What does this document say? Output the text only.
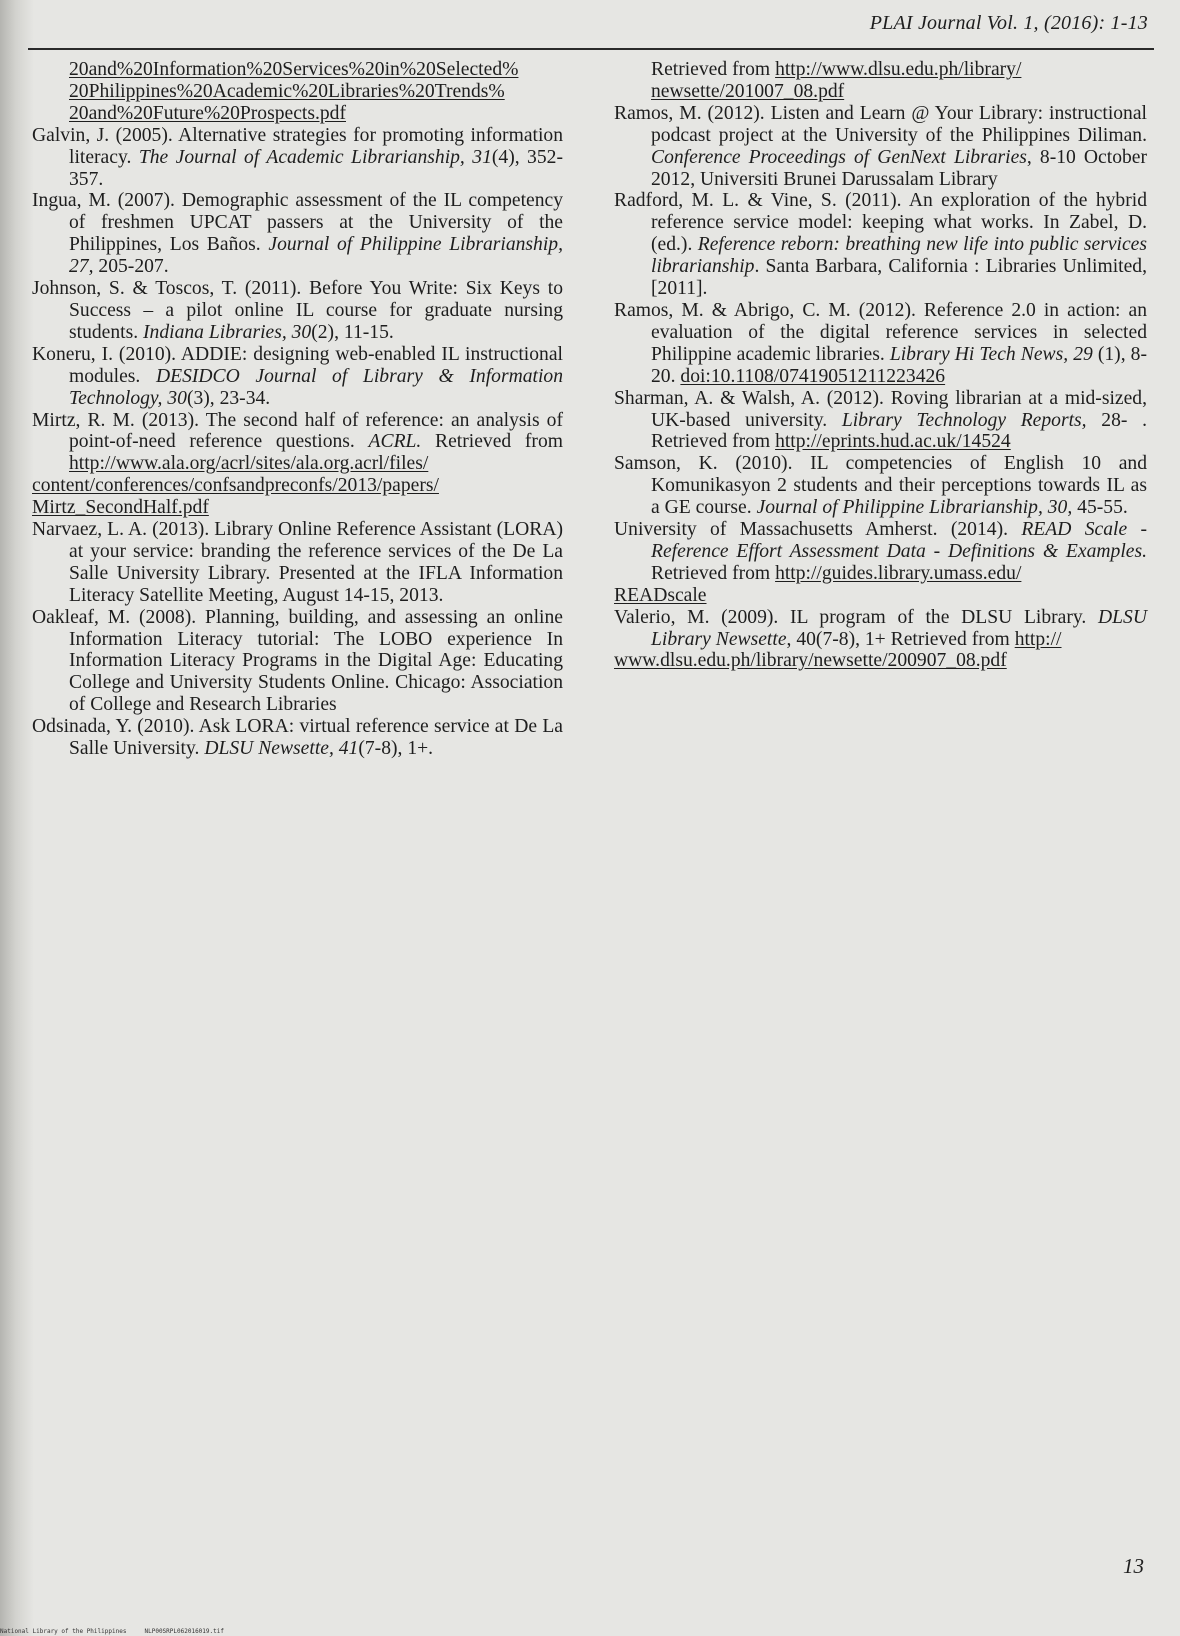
PLAI Journal Vol. 1, (2016): 1-13

20and%20Information%20Services%20in%20Selected%
20Philippines%20Academic%20Libraries%20Trends%
20and%20Future%20Prospects.pdf

Galvin, J. (2005). Alternative strategies for promoting information literacy. The Journal of Academic Librarianship, 31(4), 352-357.

Ingua, M. (2007). Demographic assessment of the IL competency of freshmen UPCAT passers at the University of the Philippines, Los Baños. Journal of Philippine Librarianship, 27, 205-207.

Johnson, S. & Toscos, T. (2011). Before You Write: Six Keys to Success – a pilot online IL course for graduate nursing students. Indiana Libraries, 30(2), 11-15.

Koneru, I. (2010). ADDIE: designing web-enabled IL instructional modules. DESIDCO Journal of Library & Information Technology, 30(3), 23-34.

Mirtz, R. M. (2013). The second half of reference: an analysis of point-of-need reference questions. ACRL. Retrieved from http://www.ala.org/acrl/sites/ala.org.acrl/files/
content/conferences/confsandpreconfs/2013/papers/
Mirtz_SecondHalf.pdf

Narvaez, L. A. (2013). Library Online Reference Assistant (LORA) at your service: branding the reference services of the De La Salle University Library. Presented at the IFLA Information Literacy Satellite Meeting, August 14-15, 2013.

Oakleaf, M. (2008). Planning, building, and assessing an online Information Literacy tutorial: The LOBO experience In Information Literacy Programs in the Digital Age: Educating College and University Students Online. Chicago: Association of College and Research Libraries

Odsinada, Y. (2010). Ask LORA: virtual reference service at De La Salle University. DLSU Newsette, 41(7-8), 1+.

Retrieved from http://www.dlsu.edu.ph/library/
newsette/201007_08.pdf

Ramos, M. (2012). Listen and Learn @ Your Library: instructional podcast project at the University of the Philippines Diliman. Conference Proceedings of GenNext Libraries, 8-10 October 2012, Universiti Brunei Darussalam Library

Radford, M. L. & Vine, S. (2011). An exploration of the hybrid reference service model: keeping what works. In Zabel, D. (ed.). Reference reborn: breathing new life into public services librarianship. Santa Barbara, California : Libraries Unlimited, [2011].

Ramos, M. & Abrigo, C. M. (2012). Reference 2.0 in action: an evaluation of the digital reference services in selected Philippine academic libraries. Library Hi Tech News, 29 (1), 8-20. doi:10.1108/07419051211223426

Sharman, A. & Walsh, A. (2012). Roving librarian at a mid-sized, UK-based university. Library Technology Reports, 28- . Retrieved from http://eprints.hud.ac.uk/14524

Samson, K. (2010). IL competencies of English 10 and Komunikasyon 2 students and their perceptions towards IL as a GE course. Journal of Philippine Librarianship, 30, 45-55.

University of Massachusetts Amherst. (2014). READ Scale - Reference Effort Assessment Data - Definitions & Examples. Retrieved from http://guides.library.umass.edu/
READscale

Valerio, M. (2009). IL program of the DLSU Library. DLSU Library Newsette, 40(7-8), 1+ Retrieved from http://
www.dlsu.edu.ph/library/newsette/200907_08.pdf

13
National Library of the Philippines     NLP00SRPL062016019.tif
